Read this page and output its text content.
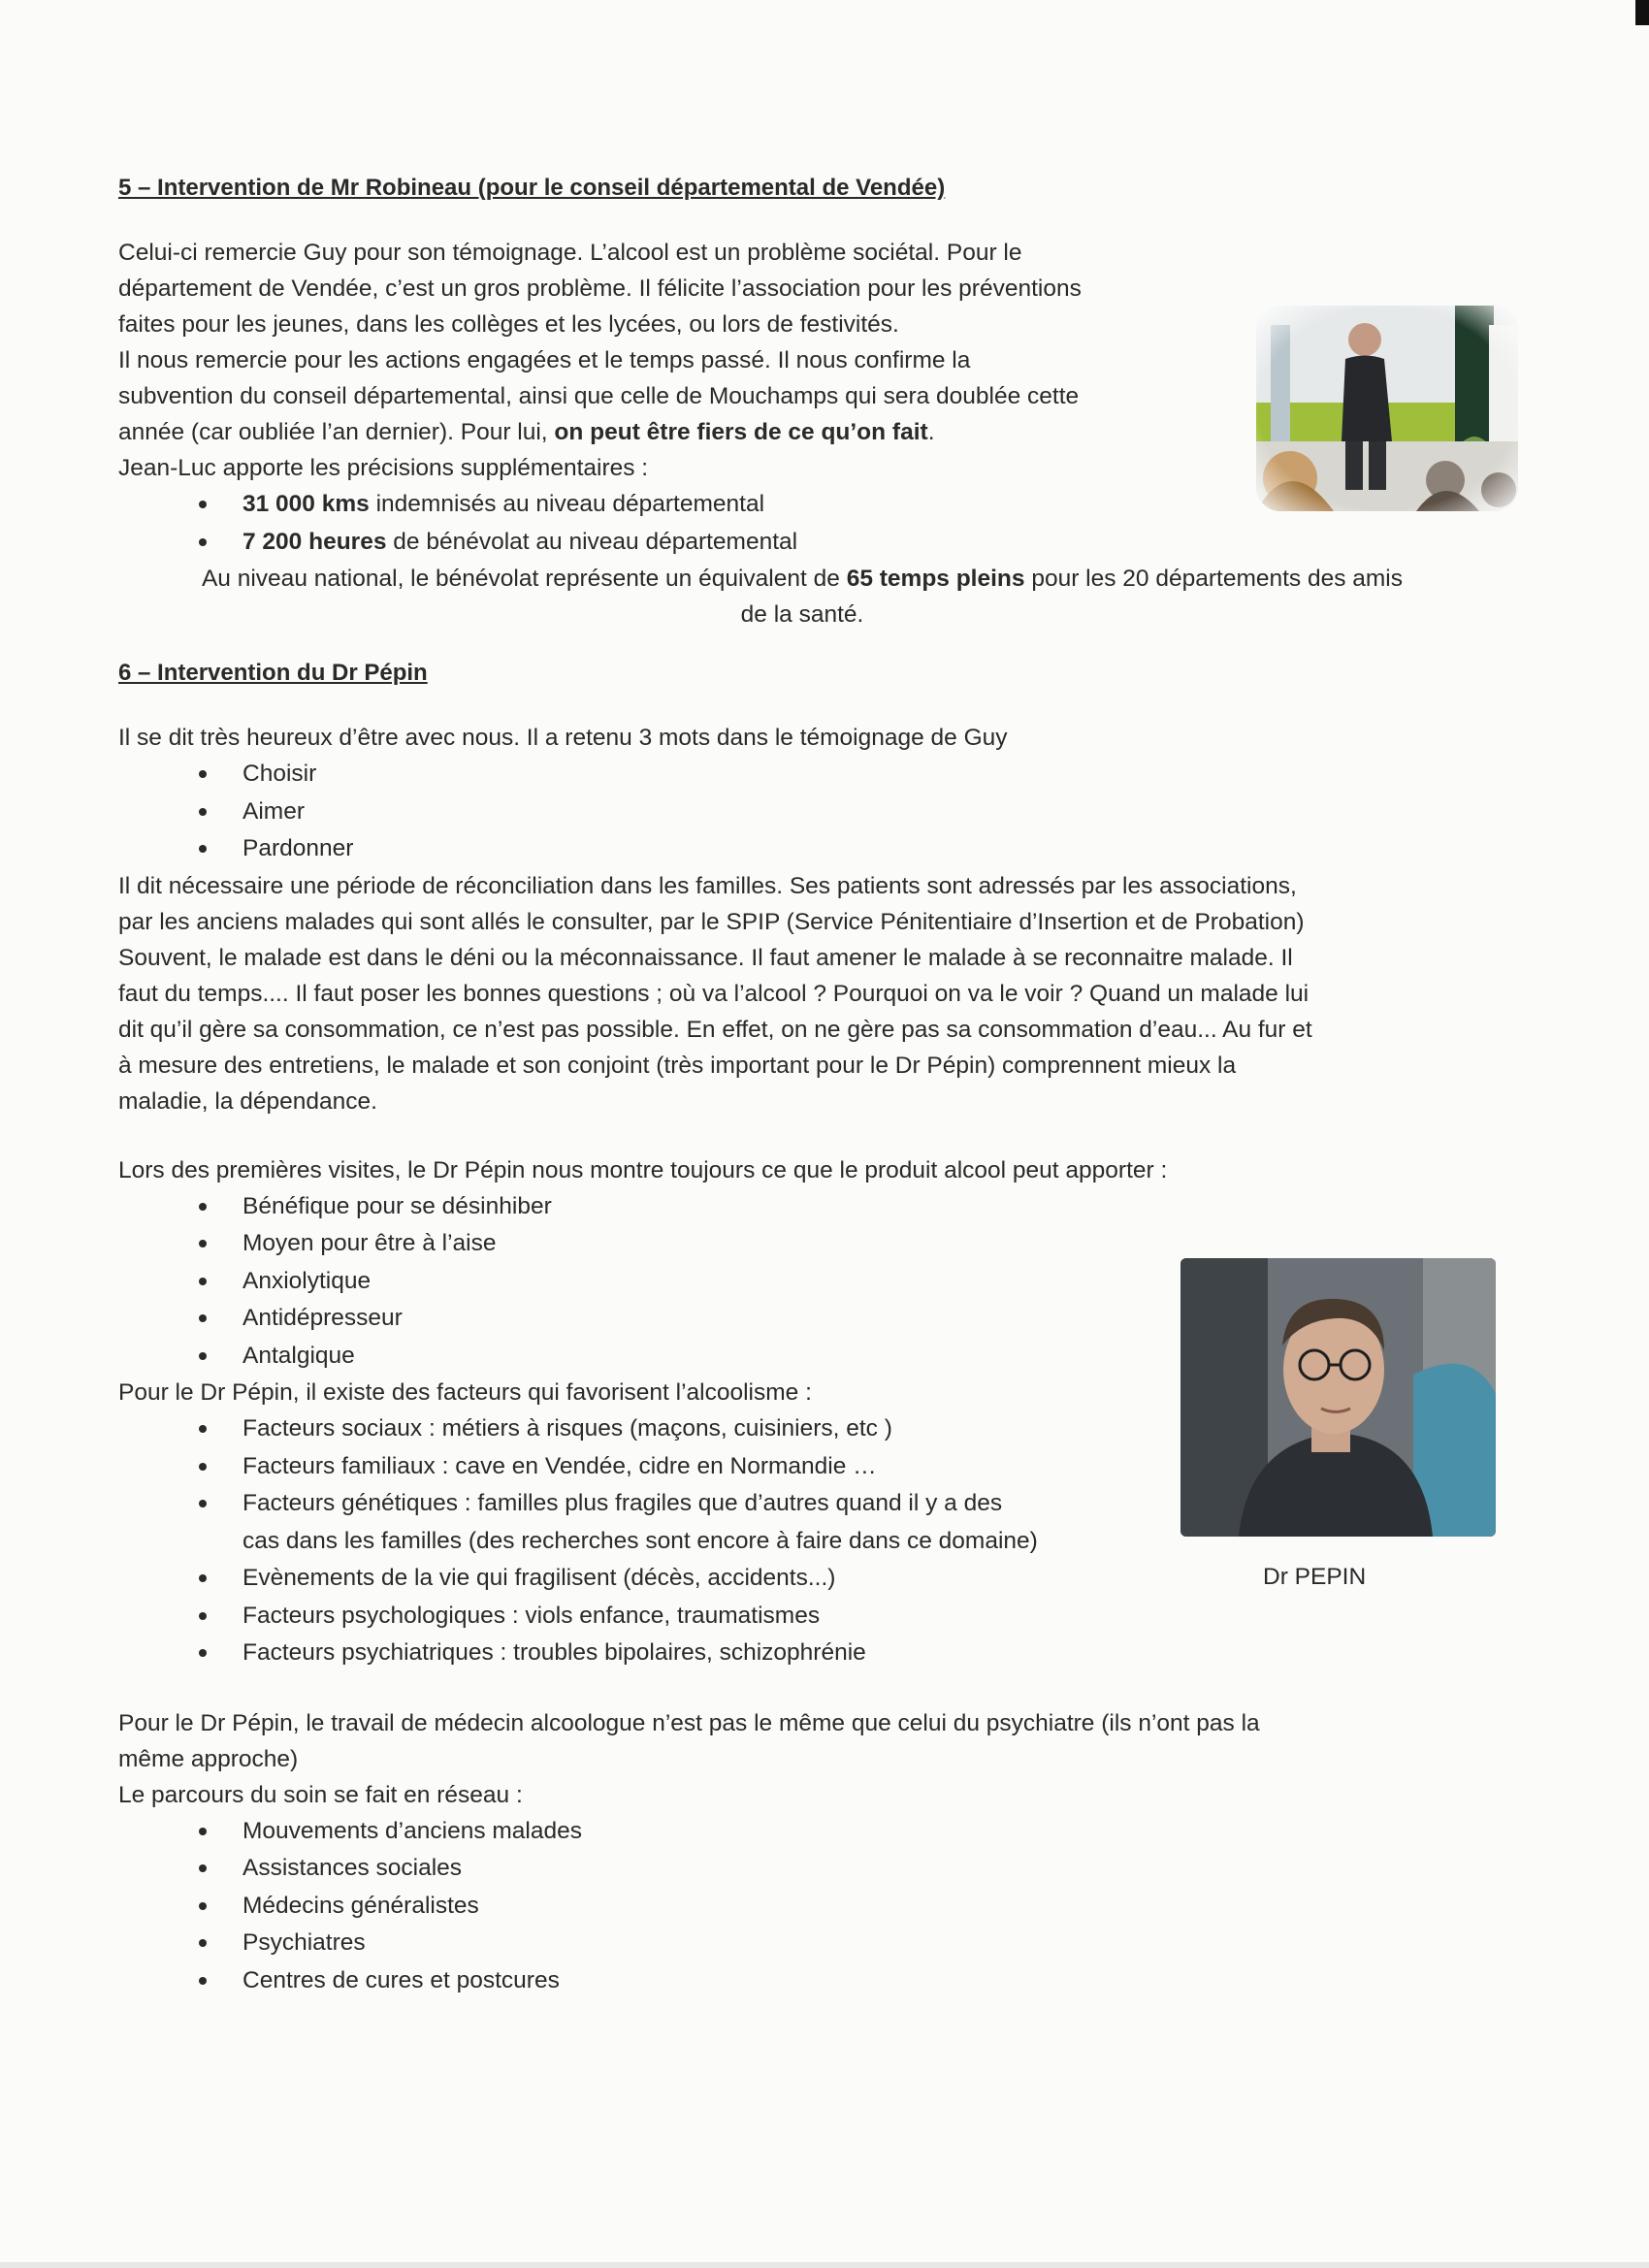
Dr PEPIN
5 – Intervention de Mr Robineau (pour le conseil départemental de Vendée)

Celui-ci remercie Guy pour son témoignage. L’alcool est un problème sociétal. Pour le

département de Vendée, c’est un gros problème. Il félicite l’association pour les préventions

faites pour les jeunes, dans les collèges et les lycées, ou lors de festivités.

Il nous remercie pour les actions engagées et le temps passé. Il nous confirme la

subvention du conseil départemental, ainsi que celle de Mouchamps qui sera doublée cette

année (car oubliée l’an dernier). Pour lui, on peut être fiers de ce qu’on fait.

Jean-Luc apporte les précisions supplémentaires :

31 000 kms indemnisés au niveau départemental
7 200 heures de bénévolat au niveau départemental

Au niveau national, le bénévolat représente un équivalent de 65 temps pleins pour les 20 départements des amis

de la santé.

6 – Intervention du Dr Pépin

Il se dit très heureux d’être avec nous. Il a retenu 3 mots dans le témoignage de Guy

Choisir
Aimer
Pardonner

Il dit nécessaire une période de réconciliation dans les familles. Ses patients sont adressés par les associations,

par les anciens malades qui sont allés le consulter, par le SPIP (Service Pénitentiaire d’Insertion et de Probation)

Souvent, le malade est dans le déni ou la méconnaissance. Il faut amener le malade à se reconnaitre malade. Il

faut du temps.... Il faut poser les bonnes questions ; où va l’alcool ? Pourquoi on va le voir ? Quand un malade lui

dit qu’il gère sa consommation, ce n’est pas possible. En effet, on ne gère pas sa consommation d’eau... Au fur et

à mesure des entretiens, le malade et son conjoint (très important pour le Dr Pépin) comprennent mieux la

maladie, la dépendance.

Lors des premières visites, le Dr Pépin nous montre toujours ce que le produit alcool peut apporter :

Bénéfique pour se désinhiber
Moyen pour être à l’aise
Anxiolytique
Antidépresseur
Antalgique

Pour le Dr Pépin, il existe des facteurs qui favorisent l’alcoolisme :

Facteurs sociaux : métiers à risques (maçons, cuisiniers, etc )
Facteurs familiaux : cave en Vendée, cidre en Normandie …
Facteurs génétiques : familles plus fragiles que d’autres quand il y a des
cas dans les familles (des recherches sont encore à faire dans ce domaine)
Evènements de la vie qui fragilisent (décès, accidents...)
Facteurs psychologiques : viols enfance, traumatismes
Facteurs psychiatriques : troubles bipolaires, schizophrénie

Pour le Dr Pépin, le travail de médecin alcoologue n’est pas le même que celui du psychiatre (ils n’ont pas la

même approche)

Le parcours du soin se fait en réseau :

Mouvements d’anciens malades
Assistances sociales
Médecins généralistes
Psychiatres
Centres de cures et postcures
